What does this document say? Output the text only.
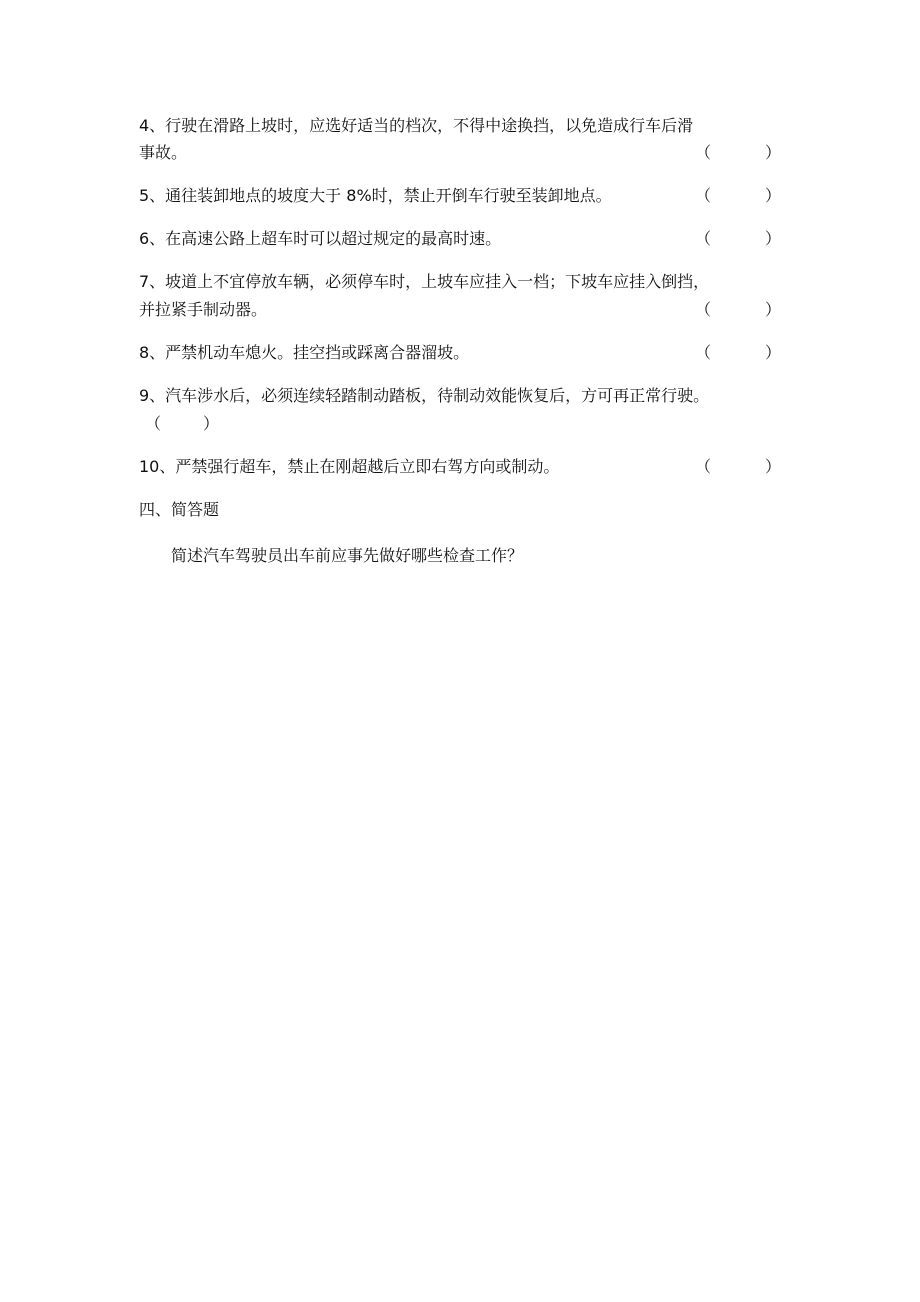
4、行驶在滑路上坡时，应选好适当的档次，不得中途换挡，以免造成行车后滑
事故。	（	）
5、通往装卸地点的坡度大于 8%时，禁止开倒车行驶至装卸地点。	（	）
6、在高速公路上超车时可以超过规定的最高时速。	（	）
7、坡道上不宜停放车辆，必须停车时，上坡车应挂入一档；下坡车应挂入倒挡，
并拉紧手制动器。	（	）
8、严禁机动车熄火。挂空挡或踩离合器溜坡。	（	）
9、汽车涉水后，必须连续轻踏制动踏板，待制动效能恢复后，方可再正常行驶。
（	）
10、严禁强行超车，禁止在刚超越后立即右驾方向或制动。	（	）
四、简答题
简述汽车驾驶员出车前应事先做好哪些检查工作？
